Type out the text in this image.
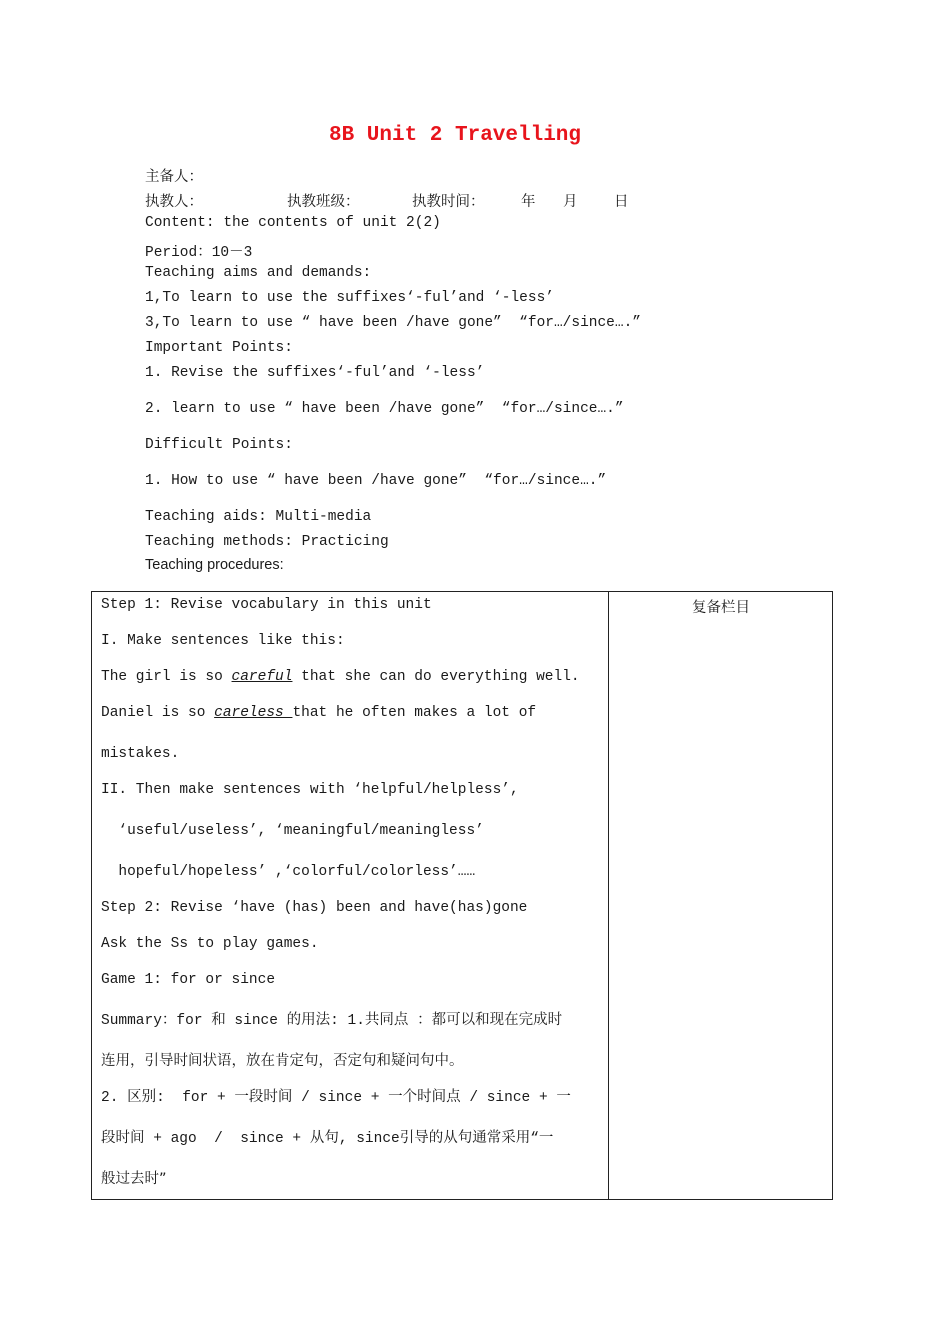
8B Unit 2 Travelling
主备人：
执教人：	执教班级：	执教时间：	年 月	日
Content: the contents of unit 2(2)
Period：10－3
Teaching aims and demands:
1,To learn to use the suffixes‘-ful’and ‘-less’
3,To learn to use “ have been /have gone”  “for…/since….”
Important Points:
1. Revise the suffixes‘-ful’and ‘-less’
2. learn to use “ have been /have gone”  “for…/since….”
Difficult Points:
1. How to use “ have been /have gone”  “for…/since….”
Teaching aids: Multi-media
Teaching methods: Practicing
Teaching procedures:
复备栏目
Step 1: Revise vocabulary in this unit
I. Make sentences like this:
The girl is so careful that she can do everything well.
Daniel is so careless that he often makes a lot of
mistakes.
II. Then make sentences with ‘helpful/helpless’,
‘useful/useless’, ‘meaningful/meaningless’
hopeful/hopeless’ ,‘colorful/colorless’……
Step 2: Revise ‘have (has) been and have(has)gone
Ask the Ss to play games.
Game 1: for or since
Summary：for 和 since 的用法: 1.共同点 ：都可以和现在完成时
连用，引导时间状语，放在肯定句，否定句和疑问句中。
2. 区别:  for + 一段时间 / since + 一个时间点 / since + 一
段时间 + ago  /  since + 从句, since引导的从句通常采用“一
般过去时”
